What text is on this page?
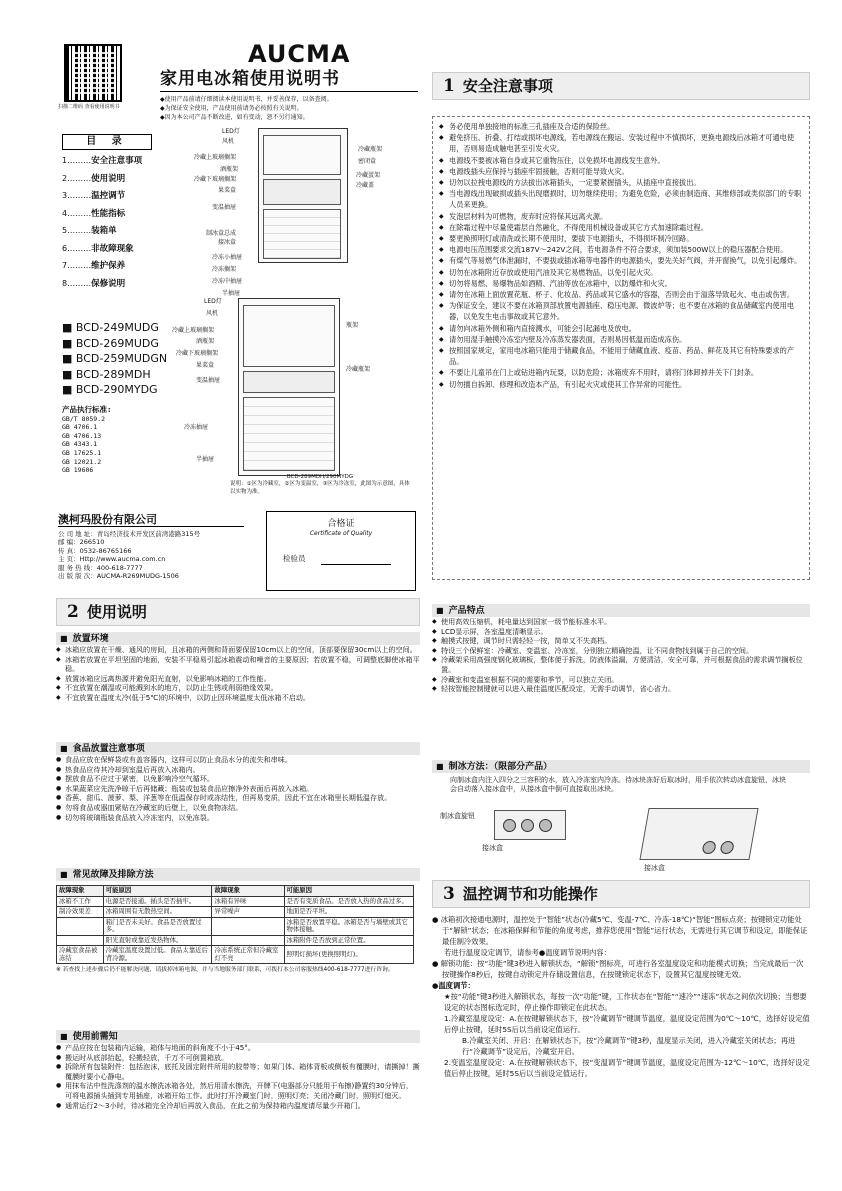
扫描二维码 查看使用说明书
AUCMA
家用电冰箱使用说明书
◆使用产品前请仔细阅读本使用说明书，并妥善保存，以备查阅。
◆为保证安全使用，产品使用前请务必按照有关说明。
◆因为本公司产品不断改进，如有变动，恕不另行通知。
目 录
1………安全注意事项
2………使用说明
3………温控调节
4………性能指标
5………装箱单
6………非故障现象
7………维护保养
8………保修说明
LED灯
风机
冷藏上玻璃搁架
酒瓶架
冷藏下玻璃搁架
果菜盒
变温抽屉
制冰盒总成
接冰盒
冷冻小抽屉
冷冻搁架
冷冻中抽屉
半抽屉
冷藏瓶架
密闭盒
冷藏蛋架
冷藏盖
LED灯
风机
冷藏上玻璃搁架
酒瓶架
冷藏下玻璃搁架
果菜盒
变温抽屉
冷冻抽屉
半抽屉
瓶架
冷藏瓶架
■ BCD-249MUDG
■ BCD-269MUDG
■ BCD-259MUDGN
■ BCD-289MDH
■ BCD-290MYDG
产品执行标准:
GB/T 8059.2
GB 4706.1
GB 4706.13
GB 4343.1
GB 17625.1
GB 12021.2
GB 19606
BCD-289MDH/290MYDG
说明：①区为冷藏室，②区为变温室，③区为冷冻室，此图为示意图，具体以实物为准。
澳柯玛股份有限公司
公 司 地 址：青岛经济技术开发区前湾港路315号
邮 编：266510
传 真：0532-86765166
主 页：Http://www.aucma.com.cn
服 务 热 线：400-618-7777
出 版 版 次：AUCMA-R269MUDG-1506
合格证
Certificate of Quality
检验员
1 安全注意事项

◆ 务必使用单独接地的标准三孔插座及合适的保险丝。

◆ 避免挤压、折叠、打结或损坏电源线，若电源线在搬运、安装过程中不慎损坏，更换电源线后冰箱才可通电使用，否则易造成触电甚至引发火灾。

◆ 电源线不要被冰箱自身或其它重物压住，以免损坏电源线发生意外。

◆ 电源线插头应保持与插座牢固接触，否则可能导致火灾。

◆ 切勿以拉拽电源线的方法拔出冰箱插头，一定要紧握插头，从插座中直接拔出。

◆ 当电源线出现破损或插头出现磨损时，切勿继续使用；为避免危险，必须由制造商、其维修部或类似部门的专职人员来更换。

◆ 发泡层材料为可燃物，废弃时应将保其远离火源。

◆ 在除霜过程中尽量使霜层自然融化，不得使用机械设备或其它方式加速除霜过程。

◆ 要更换照明灯或清洗或长期不使用时，要拔下电源插头，不得损坏制冷回路。

◆ 电源电压范围要求交流187V～242V之间，若电源条件不符合要求，须加装500W以上的稳压器配合使用。

◆ 有煤气等易燃气体泄漏时，不要拔或插冰箱等电器件的电源插头，要先关好气阀，并开窗换气，以免引起爆炸。

◆ 切勿在冰箱附近存放或使用汽油及其它易燃物品，以免引起火灾。

◆ 切勿将易燃、易爆物品如酒精、汽油等放在冰箱中，以防爆炸和火灾。

◆ 请勿在冰箱上面放置花瓶、杯子、化妆品、药品或其它盛水的容器，否则会由于溢落导致起火、电击或伤害。

◆ 为保证安全，建议不要在冰箱顶部放置电源插座、稳压电源、微波炉等；也不要在冰箱的食品储藏室内使用电器，以免发生电击事故或其它意外。

◆ 请勿向冰箱外侧和箱内直接溅水，可能会引起漏电及放电。

◆ 请勿用湿手触摸冷冻室内壁及冷冻蒸发器表面，否则易因低温而造成冻伤。

◆ 按照国家规定，家用电冰箱只能用于储藏食品，不能用于储藏血液、疫苗、药品、鲜花及其它有特殊要求的产品。

◆ 不要让儿童吊在门上或钻进箱内玩耍，以防危险；冰箱废弃不用时，请将门体卸掉并关下门封条。

◆ 切勿擅自拆卸、修理和改造本产品，有引起火灾或使其工作异常的可能性。

2 使用说明
■ 放置环境

◆ 冰箱应放置在干燥、通风的房间，且冰箱的两侧和背面要保留10cm以上的空间，顶部要保留30cm以上的空间。

◆ 冰箱若放置在平坦坚固的地面，安装不平稳易引起冰箱震动和噪音的主要原因；若放置不稳，可调整底脚使冰箱平稳。

◆ 放置冰箱应远离热源并避免阳光直射，以免影响冰箱的工作性能。

◆ 不宜放置在潮湿或可能溅到水的地方，以防止生锈或削弱绝缘效果。

◆ 不宜放置在温度太冷(低于5℃)的环境中，以防止因环境温度太低冰箱不启动。

■ 食品放置注意事项

● 食品应放在保鲜袋或有盖容器内，这样可以防止食品水分的流失和串味。

● 热食品应待其冷却到室温后再放入冰箱内。

● 摆放食品不应过于紧密，以免影响冷空气循环。

● 水果蔬菜应先洗净晾干后再储藏；瓶装或包装食品应擦净外表面后再放入冰箱。

● 香蕉、甜瓜、菠萝、梨、洋葱等在低温保存时或冻结性，但再易变质，因此不宜在冰箱里长期低温存放。

● 勿将食品或器皿紧贴在冷藏室的后壁上，以免食物冻结。

● 切勿将玻璃瓶装食品放入冷冻室内，以免冻裂。

■ 常见故障及排除方法
故障现象	可能原因	故障现象	可能原因
冰箱不工作	电源是否接通。插头是否插牢。	冰箱有异味	是否有变质食品。是否放入热的食品过多。
制冷效果差	冰箱周围有无散热空间。	异常噪声	地面是否平坦。
	箱门是否未关好。食品是否放置过多。		冰箱是否放置平稳。冰箱是否与墙壁或其它物体接触。
	阳光直射或靠近发热物体。		冰箱附件是否放到正常位置。
冷藏室食品被冻结	冷藏室温度设置过低。食品太靠近后背冷源。	冷冻系统正常但冷藏室灯不亮	照明灯损坏(更换照明灯)。
※ 若查找上述步骤后仍不能解决问题，请拔掉冰箱电源，并与当地服务部门联系，可拨打本公司客服热线400-618-7777进行咨询。
■ 使用前需知

● 产品应按在包装箱内运输，箱体与地面的斜角度不小于45°。

● 搬运时从底部抬起，轻搬轻放，千万不可倒置箱放。

● 拆除所有包装附件：包括泡沫，底托及固定附件所用的胶带等；如果门体、箱体背板或侧板有覆膜时，请撕掉！撕覆膜时要小心静电。

● 用抹布沾中性洗涤剂的温水擦洗冰箱各处，然后用清水擦洗，开牌下(电器部分只能用干布擦)静置约30分钟后，可将电源插头插到专用插座，冰箱开始工作。此时打开冷藏室门时，照明灯亮；关闭冷藏门时，照明灯熄灭。

● 通常运行2～3小时，待冰箱完全冷却后再放入食品，在此之前为保持箱内温度请尽量少开箱门。

■ 产品特点

◆ 使用高效压缩机，耗电量达到国家一级节能标准水平。

◆ LCD显示屏，各室温度清晰显示。

◆ 触摸式按键，调节时只需轻轻一按，简单又不失高档。

◆ 特设三个保鲜室：冷藏室、变温室、冷冻室，分别独立精确控温，让不同食物找到属于自己的空间。

◆ 冷藏架采用高强度钢化玻璃板，整体便于拆洗，防液体溢漏，方便清洁，安全可靠，并可根据食品的需求调节搁板位置。

◆ 冷藏室和变温室根据不同的需要和季节，可以独立关闭。

◆ 轻按智能控制键就可以进入最佳温度匹配设定，无需手动调节，省心省力。

■ 制冰方法：（限部分产品）
向制冰盒内注入四分之三容积的水，放入冷冻室内冷冻。待冰块冻好后取冰时，用手依次转动冰盒旋钮，冰块会自动落入接冰盒中，从接冰盒中倒可直接取出冰块。
制冰盒旋钮
接冰盒
接冰盒
3 温控调节和功能操作

● 冰箱初次接通电源时，温控处于“智能”状态(冷藏5℃、变温-7℃、冷冻-18℃)“智能”图标点亮；按键锁定功能处于“解锁”状态；在冰箱保鲜和节能的角度考虑，推荐您使用“智能”运行状态，无需进行其它调节和设定，即能保证最佳制冷效果。

若进行温度设定调节，请参考●温度调节说明内容：

● 解锁功能：按“功能”键3秒进入解锁状态，“解锁”图标亮，可进行各室温度设定和功能模式切换；当完成最后一次按键操作8秒后，按键自动锁定并存储设置信息，在按键锁定状态下，设置其它温度按键无效。

●温度调节：

★按“功能”键3秒进入解锁状态，每按一次“功能”键，工作状态在“智能”“速冷”“速冻”状态之间依次切换；当想要设定的状态图标选定时，停止操作即锁定在此状态。

1.冷藏室温度设定：A.在按键解锁状态下，按“冷藏调节”键调节温度，温度设定范围为0℃～10℃，选择好设定值后停止按键，延时5S后以当前设定值运行。

B.冷藏室关闭、开启：在解锁状态下，按“冷藏调节”键3秒，温度显示关闭，进入冷藏室关闭状态；再进行“冷藏调节”设定后，冷藏室开启。

2.变温室温度设定：A.在按键解锁状态下，按“变温调节”键调节温度，温度设定范围为-12℃～10℃，选择好设定值后停止按键，延时5S后以当前设定值运行。
